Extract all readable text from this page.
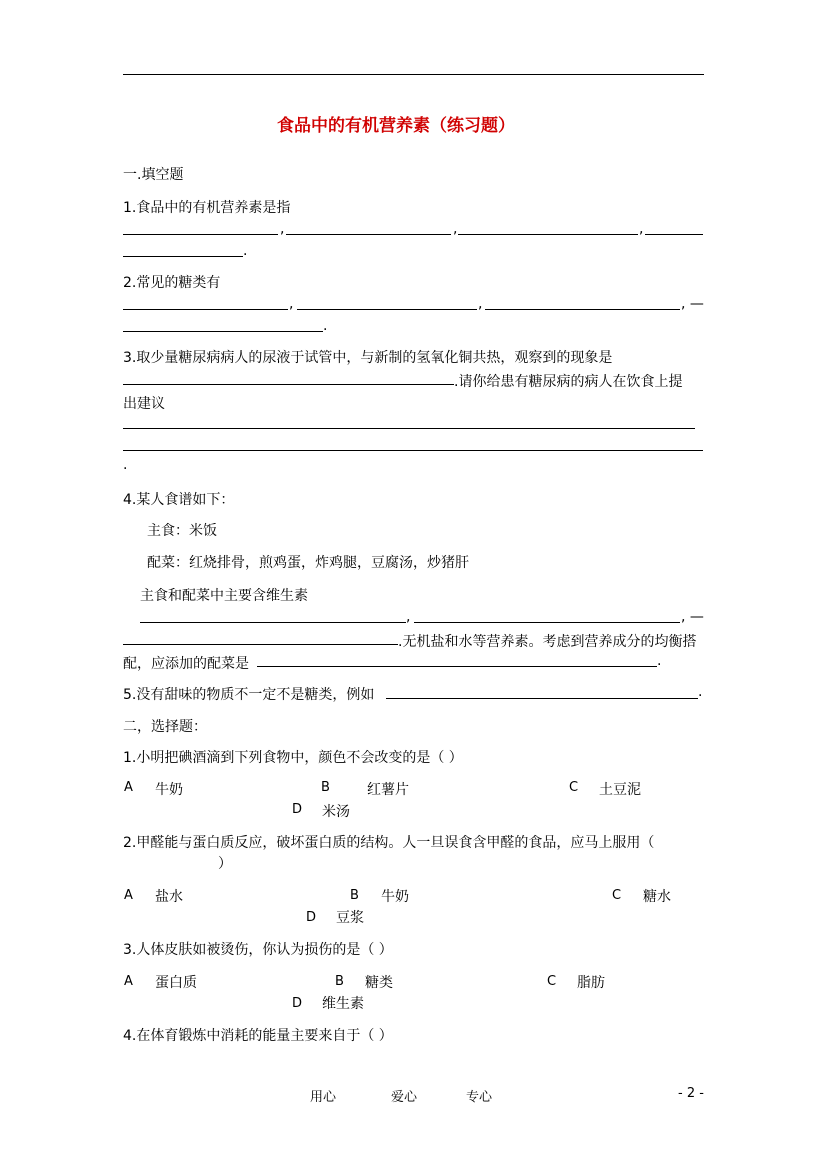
食品中的有机营养素（练习题）
一.填空题
1.食品中的有机营养素是指
,	,	,
.
2.常见的糖类有
,	,	, —
.
3.取少量糖尿病病人的尿液于试管中，与新制的氢氧化铜共热，观察到的现象是
.请你给患有糖尿病的病人在饮食上提
出建议
.
4.某人食谱如下：
主食：米饭
配菜：红烧排骨，煎鸡蛋，炸鸡腿，豆腐汤，炒猪肝
主食和配菜中主要含维生素
,	, —
.无机盐和水等营养素。考虑到营养成分的均衡搭
配，应添加的配菜是	.
5.没有甜味的物质不一定不是糖类，例如	.
二，选择题：
1.小明把碘酒滴到下列食物中，颜色不会改变的是（ ）
A 牛奶	B	红薯片	C 土豆泥
D 米汤
2.甲醛能与蛋白质反应，破坏蛋白质的结构。人一旦误食含甲醛的食品，应马上服用（
）
A 盐水	B 牛奶	C 糖水
D 豆浆
3.人体皮肤如被烫伤，你认为损伤的是（ ）
A 蛋白质	B 糖类	C 脂肪
D 维生素
4.在体育锻炼中消耗的能量主要来自于（ ）
用心	爱心	专心	- 2 -
